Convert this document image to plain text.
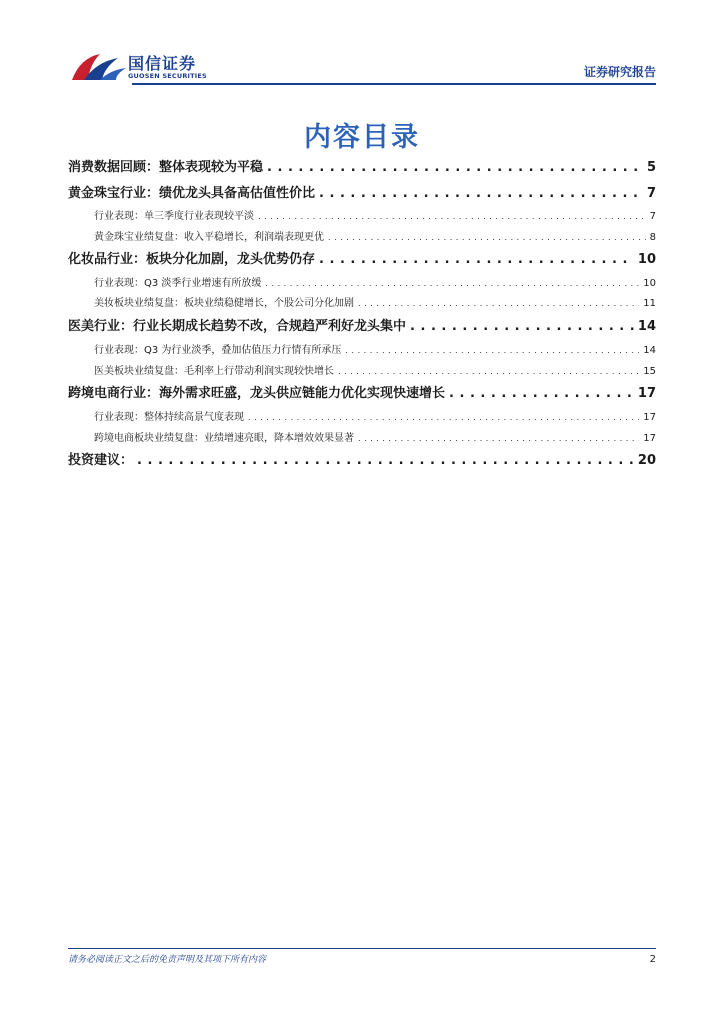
国信证券
GUOSEN SECURITIES	证券研究报告
内容目录
消费数据回顾：整体表现较为平稳 . . .	5
黄金珠宝行业：绩优龙头具备高估值性价比 . . .	7
行业表现：单三季度行业表现较平淡 . . .	7
黄金珠宝业绩复盘：收入平稳增长，利润端表现更优 . . .	8
化妆品行业：板块分化加剧，龙头优势仍存 . . .	10
行业表现：Q3 淡季行业增速有所放缓 . . .	10
美妆板块业绩复盘：板块业绩稳健增长，个股公司分化加剧 . . .	11
医美行业：行业长期成长趋势不改，合规趋严利好龙头集中 . . .	14
行业表现：Q3 为行业淡季，叠加估值压力行情有所承压 . . .	14
医美板块业绩复盘：毛利率上行带动利润实现较快增长 . . .	15
跨境电商行业：海外需求旺盛，龙头供应链能力优化实现快速增长 . . .	17
行业表现：整体持续高景气度表现 . . .	17
跨境电商板块业绩复盘：业绩增速亮眼，降本增效效果显著 . . .	17
投资建议： . . .	20
请务必阅读正文之后的免责声明及其项下所有内容	2
